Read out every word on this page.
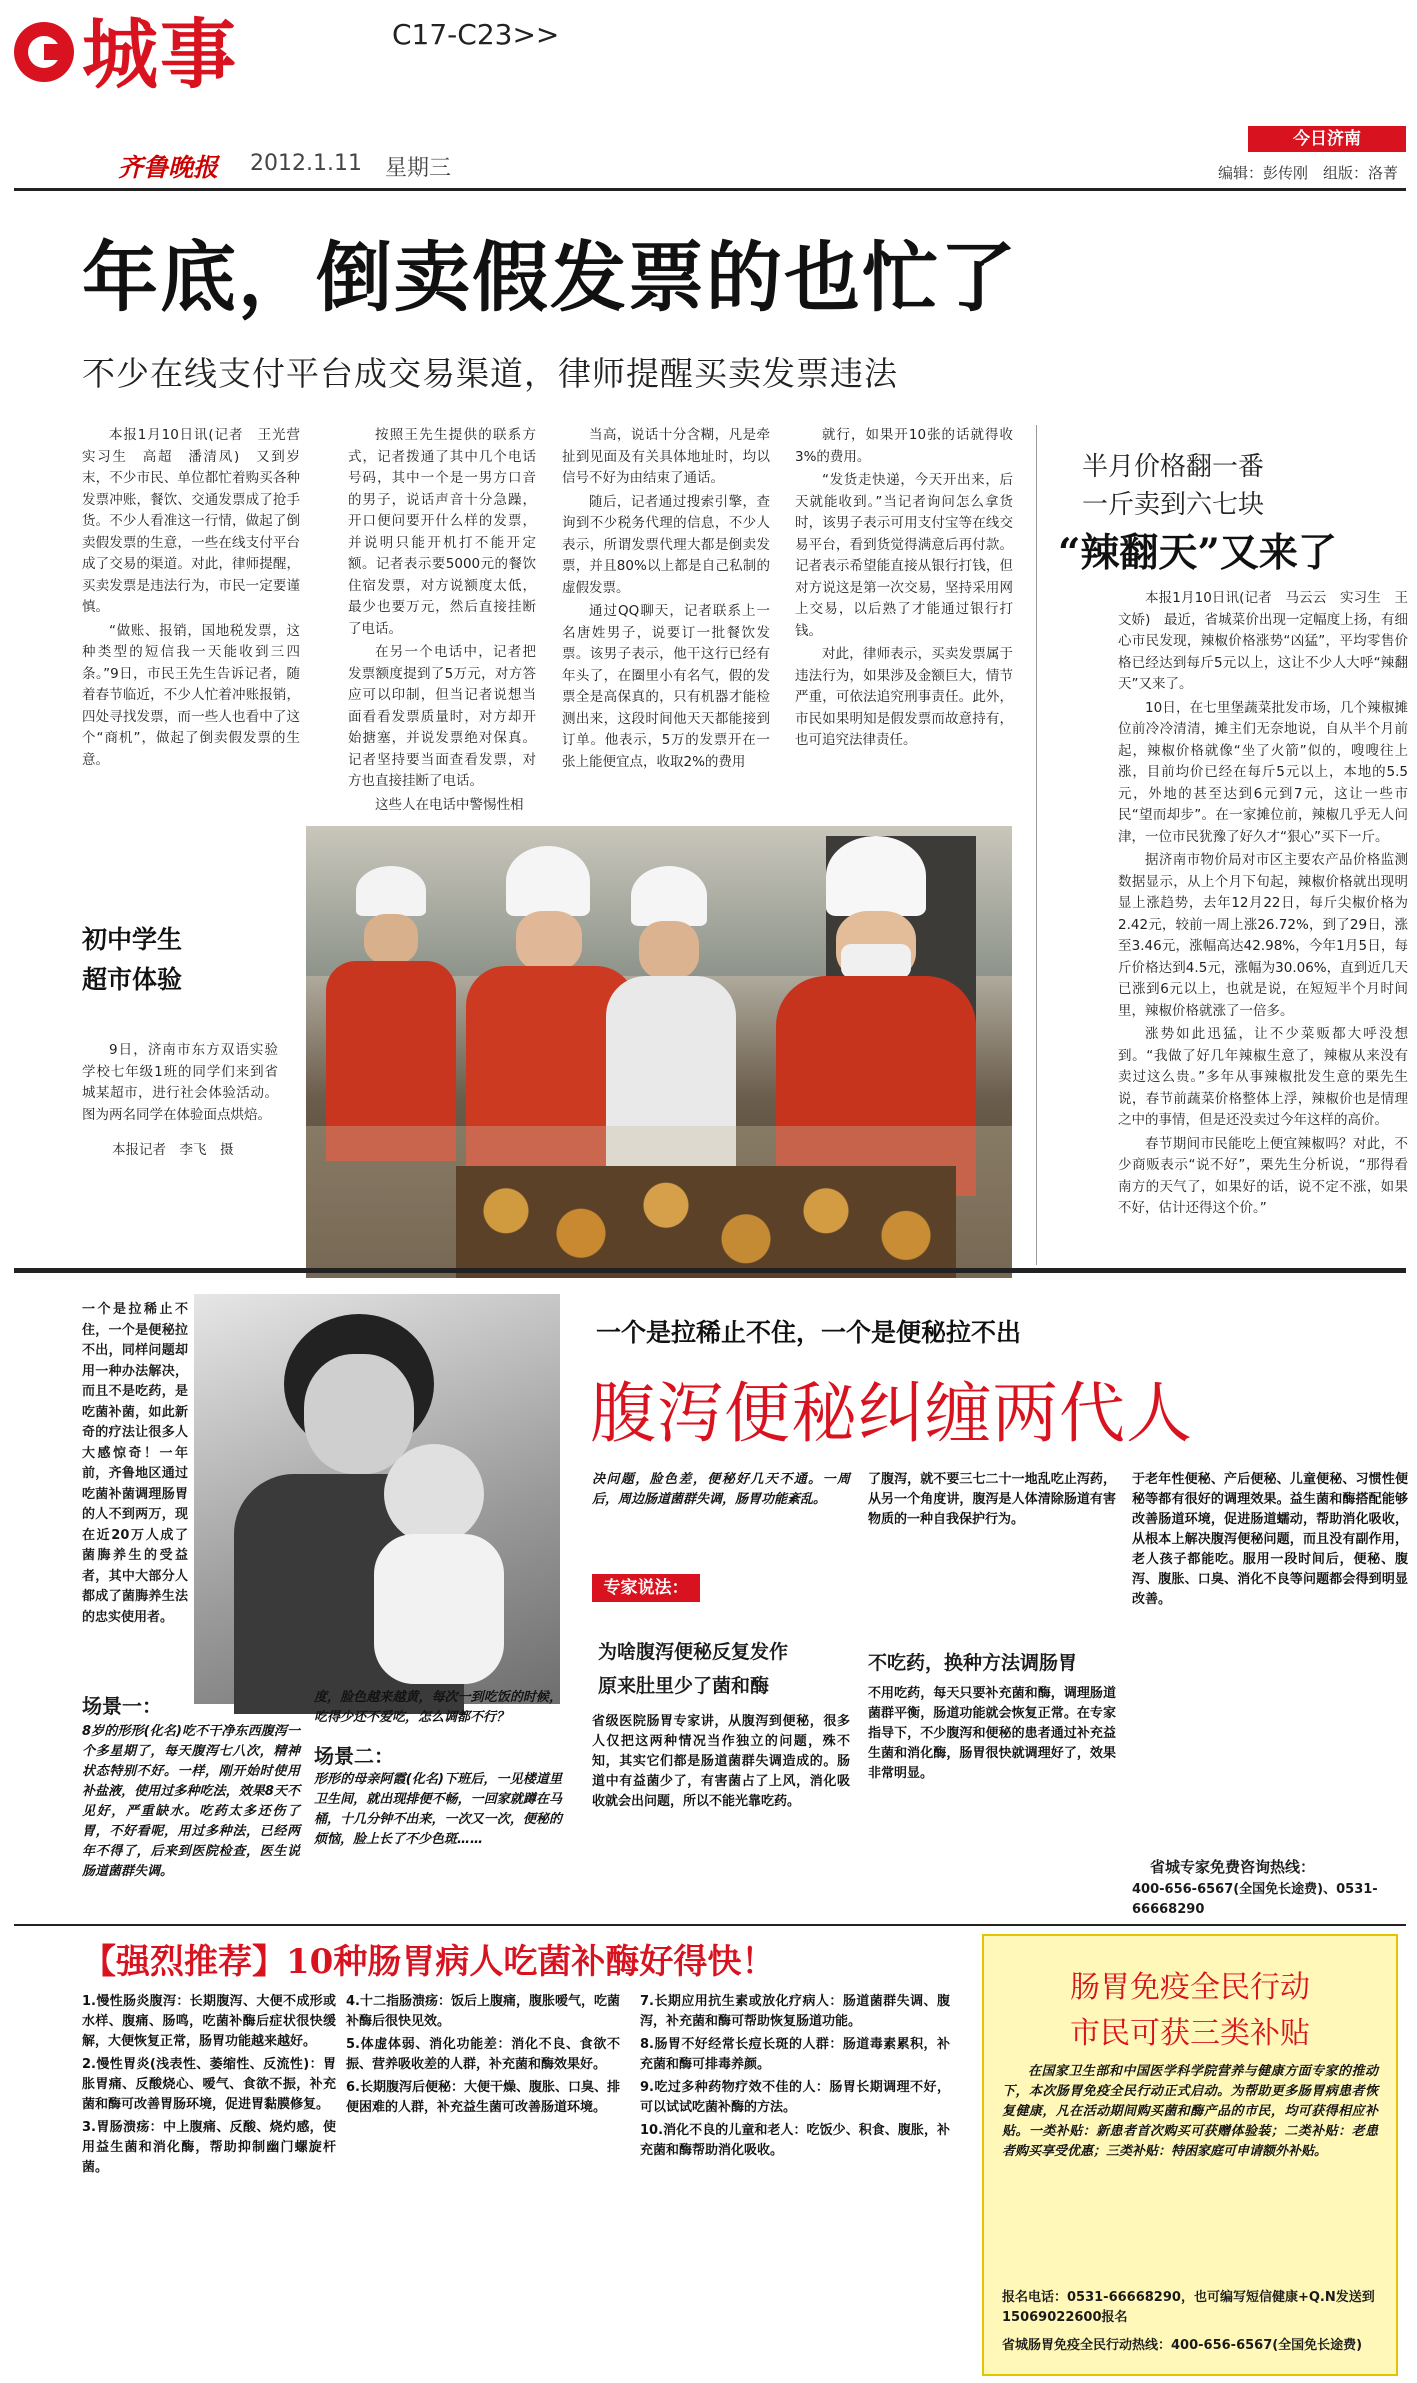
城事	C17-C23>>
齐鲁晚报 2012.1.11 星期三
今日济南
编辑：彭传刚　组版：洛菁
年底，倒卖假发票的也忙了
不少在线支付平台成交易渠道，律师提醒买卖发票违法

本报1月10日讯(记者　王光营　实习生　高超　潘清凤)　又到岁末，不少市民、单位都忙着购买各种发票冲账，餐饮、交通发票成了抢手货。不少人看准这一行情，做起了倒卖假发票的生意，一些在线支付平台成了交易的渠道。对此，律师提醒，买卖发票是违法行为，市民一定要谨慎。

“做账、报销，国地税发票，这种类型的短信我一天能收到三四条。”9日，市民王先生告诉记者，随着春节临近，不少人忙着冲账报销，四处寻找发票，而一些人也看中了这个“商机”，做起了倒卖假发票的生意。

按照王先生提供的联系方式，记者拨通了其中几个电话号码，其中一个是一男方口音的男子，说话声音十分急躁，开口便问要开什么样的发票，并说明只能开机打不能开定额。记者表示要5000元的餐饮住宿发票，对方说额度太低，最少也要万元，然后直接挂断了电话。

在另一个电话中，记者把发票额度提到了5万元，对方答应可以印制，但当记者说想当面看看发票质量时，对方却开始搪塞，并说发票绝对保真。记者坚持要当面查看发票，对方也直接挂断了电话。

这些人在电话中警惕性相

当高，说话十分含糊，凡是牵扯到见面及有关具体地址时，均以信号不好为由结束了通话。

随后，记者通过搜索引擎，查询到不少税务代理的信息，不少人表示，所谓发票代理大都是倒卖发票，并且80%以上都是自己私制的虚假发票。

通过QQ聊天，记者联系上一名唐姓男子，说要订一批餐饮发票。该男子表示，他干这行已经有年头了，在圈里小有名气，假的发票全是高保真的，只有机器才能检测出来，这段时间他天天都能接到订单。他表示，5万的发票开在一张上能便宜点，收取2%的费用

就行，如果开10张的话就得收3%的费用。

“发货走快递，今天开出来，后天就能收到。”当记者询问怎么拿货时，该男子表示可用支付宝等在线交易平台，看到货觉得满意后再付款。记者表示希望能直接从银行打钱，但对方说这是第一次交易，坚持采用网上交易，以后熟了才能通过银行打钱。

对此，律师表示，买卖发票属于违法行为，如果涉及金额巨大，情节严重，可依法追究刑事责任。此外，市民如果明知是假发票而故意持有，也可追究法律责任。

初中学生
超市体验

9日，济南市东方双语实验学校七年级1班的同学们来到省城某超市，进行社会体验活动。图为两名同学在体验面点烘焙。

本报记者　李飞　摄
半月价格翻一番
一斤卖到六七块
“辣翻天”又来了

本报1月10日讯(记者　马云云　实习生　王文娇)　最近，省城菜价出现一定幅度上扬，有细心市民发现，辣椒价格涨势“凶猛”，平均零售价格已经达到每斤5元以上，这让不少人大呼“辣翻天”又来了。

10日，在七里堡蔬菜批发市场，几个辣椒摊位前冷冷清清，摊主们无奈地说，自从半个月前起，辣椒价格就像“坐了火箭”似的，嗖嗖往上涨，目前均价已经在每斤5元以上，本地的5.5元，外地的甚至达到6元到7元，这让一些市民“望而却步”。在一家摊位前，辣椒几乎无人问津，一位市民犹豫了好久才“狠心”买下一斤。

据济南市物价局对市区主要农产品价格监测数据显示，从上个月下旬起，辣椒价格就出现明显上涨趋势，去年12月22日，每斤尖椒价格为2.42元，较前一周上涨26.72%，到了29日，涨至3.46元，涨幅高达42.98%，今年1月5日，每斤价格达到4.5元，涨幅为30.06%，直到近几天已涨到6元以上，也就是说，在短短半个月时间里，辣椒价格就涨了一倍多。

涨势如此迅猛，让不少菜贩都大呼没想到。“我做了好几年辣椒生意了，辣椒从来没有卖过这么贵。”多年从事辣椒批发生意的栗先生说，春节前蔬菜价格整体上浮，辣椒价也是情理之中的事情，但是还没卖过今年这样的高价。

春节期间市民能吃上便宜辣椒吗？对此，不少商贩表示“说不好”，栗先生分析说，“那得看南方的天气了，如果好的话，说不定不涨，如果不好，估计还得这个价。”

一个是拉稀止不住，一个是便秘拉不出，同样问题却用一种办法解决，而且不是吃药，是吃菌补菌，如此新奇的疗法让很多人大感惊奇！一年前，齐鲁地区通过吃菌补菌调理肠胃的人不到两万，现在近20万人成了菌脢养生的受益者，其中大部分人都成了菌脢养生法的忠实使用者。
一个是拉稀止不住，一个是便秘拉不出
腹泻便秘纠缠两代人
场景一：

8岁的形形(化名)吃不干净东西腹泻一个多星期了，每天腹泻七八次，精神状态特别不好。一样，刚开始时使用补盐液，使用过多种吃法，效果8天不见好，严重缺水。吃药太多还伤了胃，不好看呢，用过多种法，已经两年不得了，后来到医院检查，医生说肠道菌群失调。

度，脸色越来越黄，每次一到吃饭的时候，吃得少还不爱吃，怎么调都不行？

场景二：

形形的母亲阿霞(化名)下班后，一见楼道里卫生间，就出现排便不畅，一回家就蹲在马桶，十几分钟不出来，一次又一次，便秘的烦恼，脸上长了不少色斑……

决问题，脸色差，便秘好几天不通。一周后，周边肠道菌群失调，肠胃功能紊乱。

专家说法：
为啥腹泻便秘反复发作
原来肚里少了菌和酶

省级医院肠胃专家讲，从腹泻到便秘，很多人仅把这两种情况当作独立的问题，殊不知，其实它们都是肠道菌群失调造成的。肠道中有益菌少了，有害菌占了上风，消化吸收就会出问题，所以不能光靠吃药。

了腹泻，就不要三七二十一地乱吃止泻药，从另一个角度讲，腹泻是人体清除肠道有害物质的一种自我保护行为。

不吃药，换种方法调肠胃

不用吃药，每天只要补充菌和酶，调理肠道菌群平衡，肠道功能就会恢复正常。在专家指导下，不少腹泻和便秘的患者通过补充益生菌和消化酶，肠胃很快就调理好了，效果非常明显。

于老年性便秘、产后便秘、儿童便秘、习惯性便秘等都有很好的调理效果。益生菌和酶搭配能够改善肠道环境，促进肠道蠕动，帮助消化吸收，从根本上解决腹泻便秘问题，而且没有副作用，老人孩子都能吃。服用一段时间后，便秘、腹泻、腹胀、口臭、消化不良等问题都会得到明显改善。

省城专家免费咨询热线：
400-656-6567(全国免长途费)、0531-66668290
【强烈推荐】10种肠胃病人吃菌补酶好得快！

1.慢性肠炎腹泻：长期腹泻、大便不成形或水样、腹痛、肠鸣，吃菌补酶后症状很快缓解，大便恢复正常，肠胃功能越来越好。

2.慢性胃炎(浅表性、萎缩性、反流性)：胃胀胃痛、反酸烧心、嗳气、食欲不振，补充菌和酶可改善胃肠环境，促进胃黏膜修复。

3.胃肠溃疡：中上腹痛、反酸、烧灼感，使用益生菌和消化酶，帮助抑制幽门螺旋杆菌。

4.十二指肠溃疡：饭后上腹痛，腹胀嗳气，吃菌补酶后很快见效。

5.体虚体弱、消化功能差：消化不良、食欲不振、营养吸收差的人群，补充菌和酶效果好。

6.长期腹泻后便秘：大便干燥、腹胀、口臭、排便困难的人群，补充益生菌可改善肠道环境。

7.长期应用抗生素或放化疗病人：肠道菌群失调、腹泻，补充菌和酶可帮助恢复肠道功能。

8.肠胃不好经常长痘长斑的人群：肠道毒素累积，补充菌和酶可排毒养颜。

9.吃过多种药物疗效不佳的人：肠胃长期调理不好，可以试试吃菌补酶的方法。

10.消化不良的儿童和老人：吃饭少、积食、腹胀，补充菌和酶帮助消化吸收。

肠胃免疫全民行动
市民可获三类补贴

在国家卫生部和中国医学科学院营养与健康方面专家的推动下，本次肠胃免疫全民行动正式启动。为帮助更多肠胃病患者恢复健康，凡在活动期间购买菌和酶产品的市民，均可获得相应补贴。一类补贴：新患者首次购买可获赠体验装；二类补贴：老患者购买享受优惠；三类补贴：特困家庭可申请额外补贴。

报名电话：0531-66668290，也可编写短信健康+Q.N发送到15069022600报名
省城肠胃免疫全民行动热线：400-656-6567(全国免长途费)
